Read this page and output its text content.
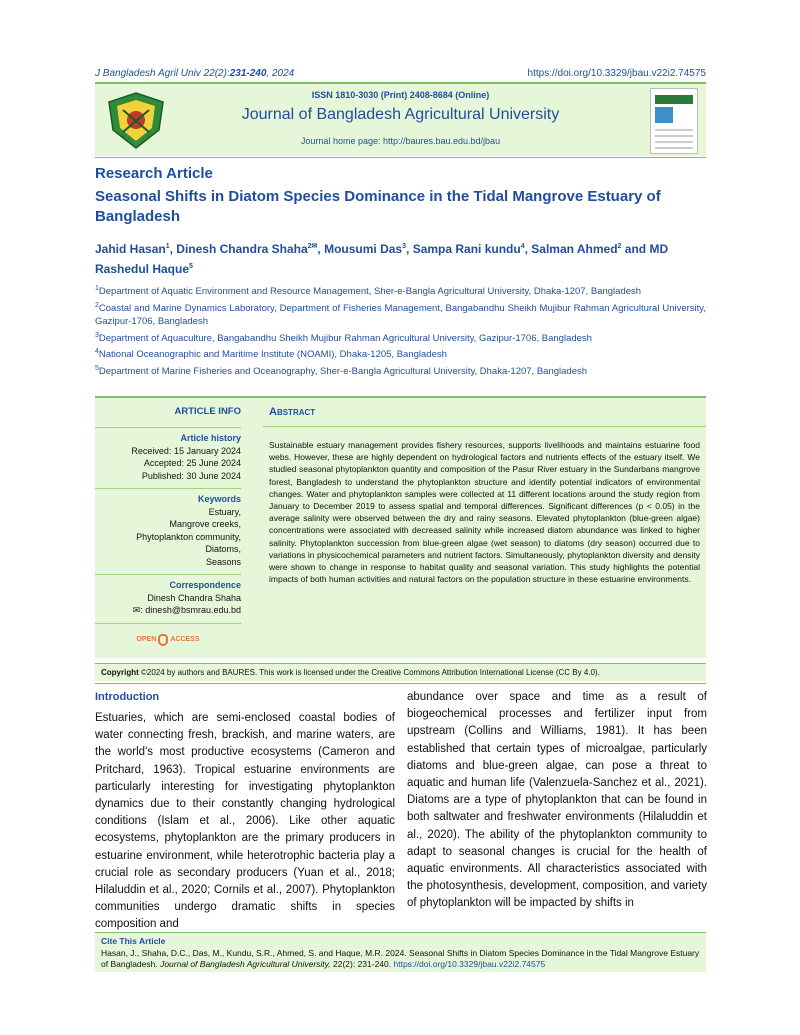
J Bangladesh Agril Univ 22(2):231-240, 2024	https://doi.org/10.3329/jbau.v22i2.74575
ISSN 1810-3030 (Print) 2408-8684 (Online)
Journal of Bangladesh Agricultural University
Journal home page: http://baures.bau.edu.bd/jbau
Research Article
Seasonal Shifts in Diatom Species Dominance in the Tidal Mangrove Estuary of Bangladesh
Jahid Hasan$^1$, Dinesh Chandra Shaha$^{2✉}$, Mousumi Das$^3$, Sampa Rani kundu$^4$, Salman Ahmed$^2$ and MD Rashedul Haque$^5$
$^1$Department of Aquatic Environment and Resource Management, Sher-e-Bangla Agricultural University, Dhaka-1207, Bangladesh
$^2$Coastal and Marine Dynamics Laboratory, Department of Fisheries Management, Bangabandhu Sheikh Mujibur Rahman Agricultural University, Gazipur-1706, Bangladesh
$^3$Department of Aquaculture, Bangabandhu Sheikh Mujibur Rahman Agricultural University, Gazipur-1706, Bangladesh
$^4$National Oceanographic and Maritime Institute (NOAMI), Dhaka-1205, Bangladesh
$^5$Department of Marine Fisheries and Oceanography, Sher-e-Bangla Agricultural University, Dhaka-1207, Bangladesh
ARTICLE INFO
Article history
Received: 15 January 2024
Accepted: 25 June 2024
Published: 30 June 2024
Keywords
Estuary,
Mangrove creeks,
Phytoplankton community,
Diatoms,
Seasons
Correspondence
Dinesh Chandra Shaha
✉: dinesh@bsmrau.edu.bd
OPEN ACCESS
Abstract
Sustainable estuary management provides fishery resources, supports livelihoods and maintains estuarine food webs. However, these are highly dependent on hydrological factors and nutrients effects of the estuary itself. We studied seasonal phytoplankton quantity and composition of the Pasur River estuary in the Sundarbans mangrove forest, Bangladesh to understand the phytoplankton structure and identify potential indicators of environmental changes. Water and phytoplankton samples were collected at 11 different locations around the study region from January to December 2019 to assess spatial and temporal differences. Significant differences (p < 0.05) in the average salinity were observed between the dry and rainy seasons. Elevated phytoplankton (blue-green algae) concentrations were associated with decreased salinity while increased diatom abundance was linked to higher salinity. Phytoplankton succession from blue-green algae (wet season) to diatoms (dry season) occurred due to variations in physicochemical parameters and nutrient factors. Simultaneously, phytoplankton diversity and density were shown to change in response to habitat quality and seasonal variation. This study highlights the potential impacts of both human activities and natural factors on the population structure in these estuarine environments.
Copyright ©2024 by authors and BAURES. This work is licensed under the Creative Commons Attribution International License (CC By 4.0).
Introduction
Estuaries, which are semi-enclosed coastal bodies of water connecting fresh, brackish, and marine waters, are the world's most productive ecosystems (Cameron and Pritchard, 1963). Tropical estuarine environments are particularly interesting for investigating phytoplankton dynamics due to their constantly changing hydrological conditions (Islam et al., 2006). Like other aquatic ecosystems, phytoplankton are the primary producers in estuarine environment, while heterotrophic bacteria play a crucial role as secondary producers (Yuan et al., 2018; Hilaluddin et al., 2020; Cornils et al., 2007). Phytoplankton communities undergo dramatic shifts in species composition and
abundance over space and time as a result of biogeochemical processes and fertilizer input from upstream (Collins and Williams, 1981). It has been established that certain types of microalgae, particularly diatoms and blue-green algae, can pose a threat to aquatic and human life (Valenzuela-Sanchez et al., 2021). Diatoms are a type of phytoplankton that can be found in both saltwater and freshwater environments (Hilaluddin et al., 2020). The ability of the phytoplankton community to adapt to seasonal changes is crucial for the health of aquatic environments. All characteristics associated with the photosynthesis, development, composition, and variety of phytoplankton will be impacted by shifts in
Cite This Article
Hasan, J., Shaha, D.C., Das, M., Kundu, S.R., Ahmed, S. and Haque, M.R. 2024. Seasonal Shifts in Diatom Species Dominance in the Tidal Mangrove Estuary of Bangladesh. Journal of Bangladesh Agricultural University, 22(2): 231-240. https://doi.org/10.3329/jbau.v22i2.74575
